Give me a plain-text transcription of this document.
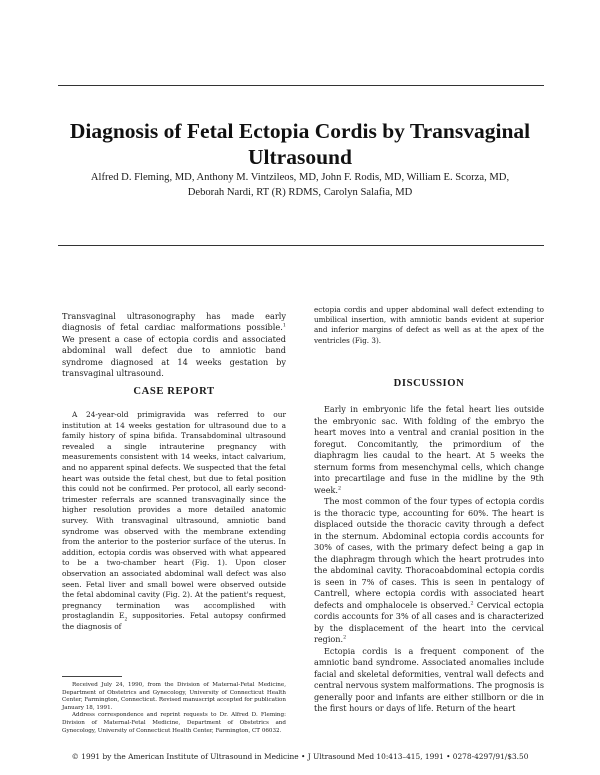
Diagnosis of Fetal Ectopia Cordis by Transvaginal Ultrasound
Alfred D. Fleming, MD, Anthony M. Vintzileos, MD, John F. Rodis, MD, William E. Scorza, MD,
Deborah Nardi, RT (R) RDMS, Carolyn Salafia, MD

Transvaginal ultrasonography has made early diagnosis of fetal cardiac malformations possible.$^1$ We present a case of ectopia cordis and associated abdominal wall defect due to amniotic band syndrome diagnosed at 14 weeks gestation by transvaginal ultrasound.

ectopia cordis and upper abdominal wall defect extending to umbilical insertion, with amniotic bands evident at superior and inferior margins of defect as well as at the apex of the ventricles (Fig. 3).

CASE REPORT

A 24-year-old primigravida was referred to our institution at 14 weeks gestation for ultrasound due to a family history of spina bifida. Transabdominal ultrasound revealed a single intrauterine pregnancy with measurements consistent with 14 weeks, intact calvarium, and no apparent spinal defects. We suspected that the fetal heart was outside the fetal chest, but due to fetal position this could not be confirmed. Per protocol, all early second-trimester referrals are scanned transvaginally since the higher resolution provides a more detailed anatomic survey. With transvaginal ultrasound, amniotic band syndrome was observed with the membrane extending from the anterior to the posterior surface of the uterus. In addition, ectopia cordis was observed with what appeared to be a two-chamber heart (Fig. 1). Upon closer observation an associated abdominal wall defect was also seen. Fetal liver and small bowel were observed outside the fetal abdominal cavity (Fig. 2). At the patient's request, pregnancy termination was accomplished with prostaglandin $E_2$ suppositories. Fetal autopsy confirmed the diagnosis of

DISCUSSION

Early in embryonic life the fetal heart lies outside the embryonic sac. With folding of the embryo the heart moves into a ventral and cranial position in the foregut. Concomitantly, the primordium of the diaphragm lies caudal to the heart. At 5 weeks the sternum forms from mesenchymal cells, which change into precartilage and fuse in the midline by the 9th week.$^2$

The most common of the four types of ectopia cordis is the thoracic type, accounting for 60%. The heart is displaced outside the thoracic cavity through a defect in the sternum. Abdominal ectopia cordis accounts for 30% of cases, with the primary defect being a gap in the diaphragm through which the heart protrudes into the abdominal cavity. Thoracoabdominal ectopia cordis is seen in 7% of cases. This is seen in pentalogy of Cantrell, where ectopia cordis with associated heart defects and omphalocele is observed.$^2$ Cervical ectopia cordis accounts for 3% of all cases and is characterized by the displacement of the heart into the cervical region.$^2$

Ectopia cordis is a frequent component of the amniotic band syndrome. Associated anomalies include facial and skeletal deformities, ventral wall defects and central nervous system malformations. The prognosis is generally poor and infants are either stillborn or die in the first hours or days of life. Return of the heart

Received July 24, 1990, from the Division of Maternal-Fetal Medicine, Department of Obstetrics and Gynecology, University of Connecticut Health Center, Farmington, Connecticut. Revised manuscript accepted for publication January 18, 1991.

Address correspondence and reprint requests to Dr. Alfred D. Fleming: Division of Maternal-Fetal Medicine, Department of Obstetrics and Gynecology, University of Connecticut Health Center, Farmington, CT 06032.

© 1991 by the American Institute of Ultrasound in Medicine • J Ultrasound Med 10:413–415, 1991 • 0278-4297/91/$3.50
